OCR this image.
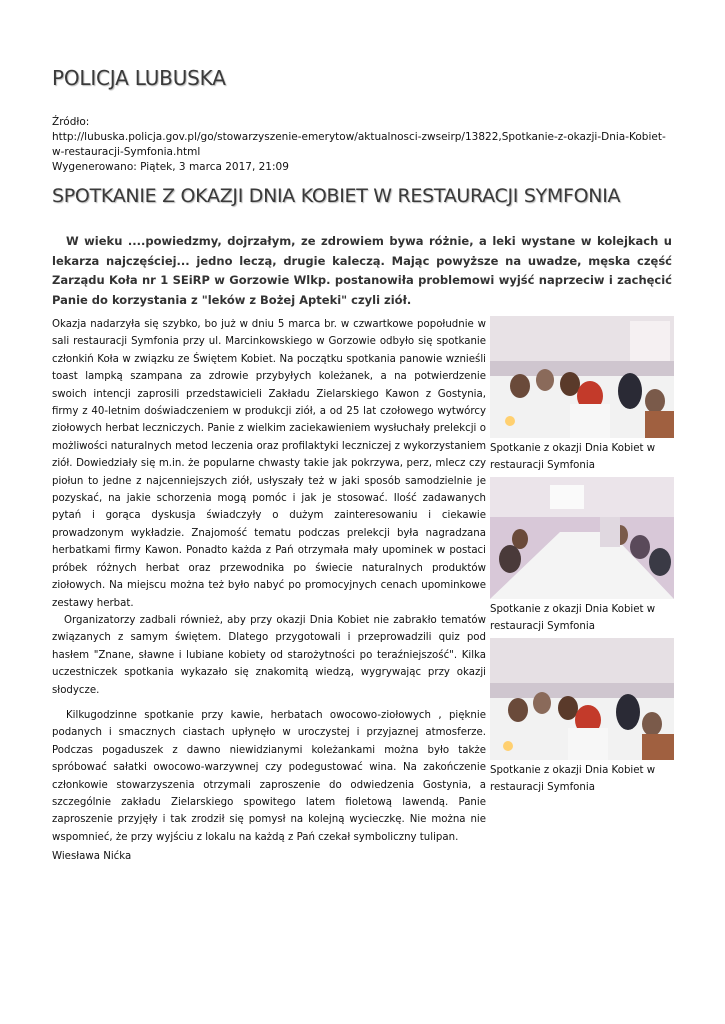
POLICJA LUBUSKA
Źródło:
http://lubuska.policja.gov.pl/go/stowarzyszenie-emerytow/aktualnosci-zwseirp/13822,Spotkanie-z-okazji-Dnia-Kobiet-w-restauracji-Symfonia.html
Wygenerowano: Piątek, 3 marca 2017, 21:09
SPOTKANIE Z OKAZJI DNIA KOBIET W RESTAURACJI SYMFONIA

W wieku ....powiedzmy, dojrzałym, ze zdrowiem bywa różnie, a leki wystane w kolejkach u lekarza najczęściej... jedno leczą, drugie kaleczą. Mając powyższe na uwadze, męska część Zarządu Koła nr 1 SEiRP w Gorzowie Wlkp. postanowiła problemowi wyjść naprzeciw i zachęcić Panie do korzystania z "leków z Bożej Apteki" czyli ziół.

Okazja nadarzyła się szybko, bo już w dniu 5 marca br. w czwartkowe popołudnie w sali restauracji Symfonia przy ul. Marcinkowskiego w Gorzowie odbyło się spotkanie członkiń Koła w związku ze Świętem Kobiet. Na początku spotkania panowie wznieśli toast lampką szampana za zdrowie przybyłych koleżanek, a na potwierdzenie swoich intencji zaprosili przedstawicieli Zakładu Zielarskiego Kawon z Gostynia, firmy z 40-letnim doświadczeniem w produkcji ziół, a od 25 lat czołowego wytwórcy ziołowych herbat leczniczych. Panie z wielkim zaciekawieniem wysłuchały prelekcji o możliwości naturalnych metod leczenia oraz profilaktyki leczniczej z wykorzystaniem ziół. Dowiedziały się m.in. że popularne chwasty takie jak pokrzywa, perz, mlecz czy piołun to jedne z najcenniejszych ziół, usłyszały też w jaki sposób samodzielnie je pozyskać, na jakie schorzenia mogą pomóc i jak je stosować. Ilość zadawanych pytań i gorąca dyskusja świadczyły o dużym zainteresowaniu i ciekawie prowadzonym wykładzie. Znajomość tematu podczas prelekcji była nagradzana herbatkami firmy Kawon. Ponadto każda z Pań otrzymała mały upominek w postaci próbek różnych herbat oraz przewodnika po świecie naturalnych produktów ziołowych. Na miejscu można też było nabyć po promocyjnych cenach upominkowe zestawy herbat.

Organizatorzy zadbali również, aby przy okazji Dnia Kobiet nie zabrakło tematów związanych z samym świętem. Dlatego przygotowali i przeprowadzili quiz pod hasłem "Znane, sławne i lubiane kobiety od starożytności po teraźniejszość". Kilka uczestniczek spotkania wykazało się znakomitą wiedzą, wygrywając przy okazji słodycze.

Kilkugodzinne spotkanie przy kawie, herbatach owocowo-ziołowych , pięknie podanych i smacznych ciastach upłynęło w uroczystej i przyjaznej atmosferze. Podczas pogaduszek z dawno niewidzianymi koleżankami można było także spróbować sałatki owocowo-warzywnej czy podegustować wina. Na zakończenie członkowie stowarzyszenia otrzymali zaproszenie do odwiedzenia Gostynia, a szczególnie zakładu Zielarskiego spowitego latem fioletową lawendą. Panie zaproszenie przyjęły i tak zrodził się pomysł na kolejną wycieczkę. Nie można nie wspomnieć, że przy wyjściu z lokalu na każdą z Pań czekał symboliczny tulipan.

Spotkanie z okazji Dnia Kobiet w restauracji Symfonia
Spotkanie z okazji Dnia Kobiet w restauracji Symfonia
Spotkanie z okazji Dnia Kobiet w restauracji Symfonia
Wiesława Nićka
